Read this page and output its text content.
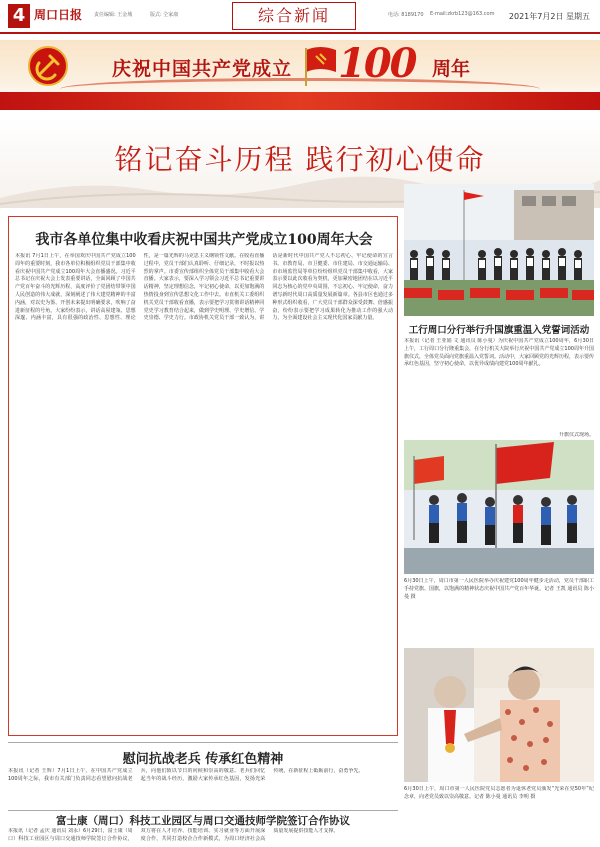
4 周口日报 责任编辑: 王金城	版式: 仝家康	综合新闻	电话: 8189170 E-mail:zkrb123@163.com 2021年7月2日 星期五
庆祝中国共产党成立 100 周年
铭记奋斗历程 践行初心使命
我市各单位集中收看庆祝中国共产党成立100周年大会
本报讯 7月1日上午，在举国欢庆中国共产党成立100周年的重要时刻，我市各单位积极组织党员干部集中收看庆祝中国共产党成立100周年大会直播盛况。习近平总书记在庆祝大会上发表重要讲话，全面回顾了中国共产党百年奋斗的光辉历程，高度评价了党团结带领中国人民创造的伟大成就，深刻阐述了伟大建党精神的丰富内涵，对以史为鉴、开创未来提出明确要求，吹响了奋进新征程的号角。大家纷纷表示，讲话高屋建瓴、思想深邃、内涵丰富，具有很强的政治性、思想性、理论性，是一篇光辉的马克思主义纲领性文献。在收看直播过程中，党员干部们认真聆听、仔细记录，不时报以热烈的掌声。市委宣传部组织全体党员干部集中收看大会直播。大家表示，要深入学习领会习近平总书记重要讲话精神，坚定理想信念，牢记初心使命，以更加饱满的热情投身到宣传思想文化工作中去。市直机关工委组织机关党员干部收看直播，表示要把学习贯彻讲话精神同党史学习教育结合起来，做到学史明理、学史增信、学史崇德、学史力行。市政协机关党员干部一致认为，讲话是新时代中国共产党人不忘初心、牢记使命的宣言书。市教育局、市卫健委、市住建局、市交通运输局、市市场监管局等单位纷纷组织党员干部集中收看，大家表示要以此次收看为契机，更加紧密地团结在以习近平同志为核心的党中央周围，不忘初心、牢记使命，奋力谱写新时代周口高质量发展新篇章。各县市区也通过多种形式组织收看，广大党员干部群众深受鼓舞、倍感振奋，纷纷表示要把学习成果转化为推动工作的强大动力，为全面建设社会主义现代化国家贡献力量。
工行周口分行举行升国旗重温入党誓词活动
本报讯（记者 王亚娟 文 通讯员 陈小曼）为庆祝中国共产党成立100周年，6月30日上午，工行周口分行隆重集会，在分行机关大院举行庆祝中国共产党成立100周年升国旗仪式，全体党员面向党旗重温入党誓词。活动中，大家回顾党的光辉历程，表示要传承红色基因，坚守初心使命，以优异成绩向建党100周年献礼。
升旗仪式现场。
6月30日上午，周口市第一人民医院举办庆祝建党100周年健步走活动，党员干部职工手持党旗、国旗，以饱满的精神状态庆祝中国共产党百年华诞。记者 王凯 通讯员 陈小曼 摄
慰问抗战老兵 传承红色精神
本报讯（记者 王辉）7月1日上午，在中国共产党成立100周年之际，我市有关部门负责同志看望慰问抗战老兵，向他们致以节日的问候和崇高的敬意。老兵们回忆起当年的战斗经历，激励大家传承红色基因，发扬光荣传统，在新征程上砥砺前行，奋勇争先。
6月30日上午，周口市第一人民医院党员志愿者为退休老党员颁发“光荣在党50年”纪念章，向老党员致以崇高敬意。记者 陈小曼 通讯员 李明 摄
富士康（周口）科技工业园区与周口交通技师学院签订合作协议
本报讯（记者 孟庆 通讯员 刘永）6月29日，富士康（周口）科技工业园区与周口交通技师学院签订合作协议，双方将在人才培养、技能培训、实习就业等方面开展深度合作，共同打造校企合作新模式，为周口经济社会高质量发展提供技能人才支撑。
